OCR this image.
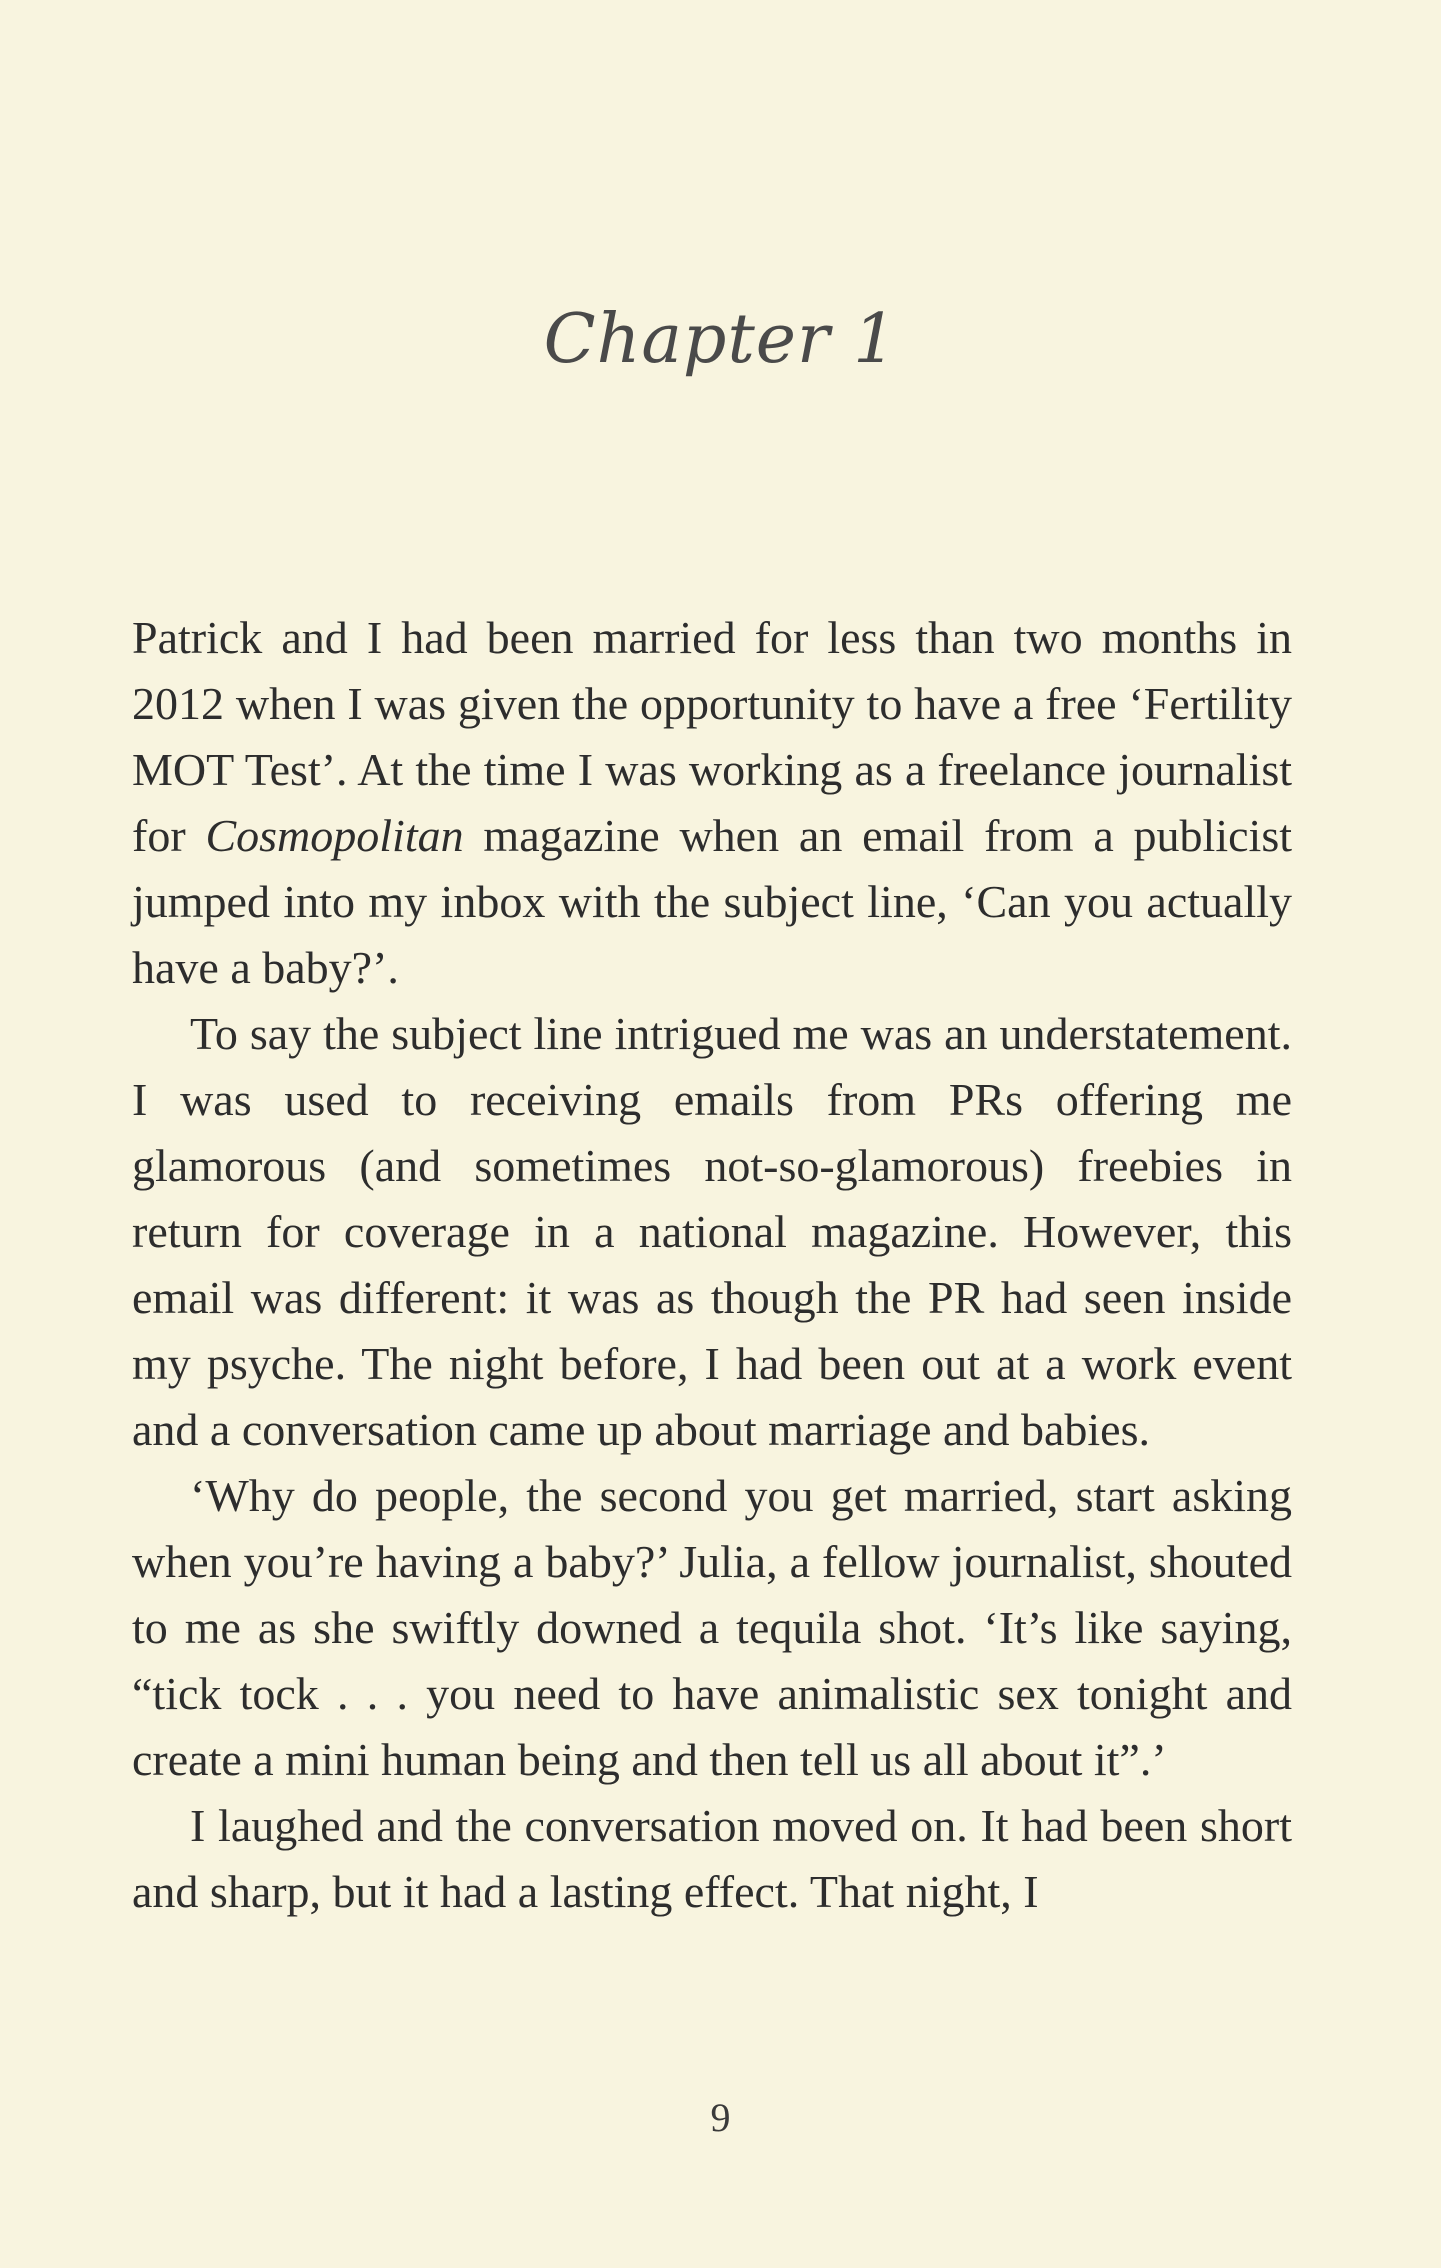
Chapter 1

Patrick and I had been married for less than two months in 2012 when I was given the opportunity to have a free ‘Fertility MOT Test’. At the time I was working as a freelance journalist for Cosmopolitan magazine when an email from a publicist jumped into my inbox with the subject line, ‘Can you actually have a baby?’.

To say the subject line intrigued me was an understatement. I was used to receiving emails from PRs offering me glamorous (and sometimes not-so-glamorous) freebies in return for coverage in a national magazine. However, this email was different: it was as though the PR had seen inside my psyche. The night before, I had been out at a work event and a conversation came up about marriage and babies.

‘Why do people, the second you get married, start asking when you’re having a baby?’ Julia, a fellow journalist, shouted to me as she swiftly downed a tequila shot. ‘It’s like saying, “tick tock . . . you need to have animalistic sex tonight and create a mini human being and then tell us all about it”.’

I laughed and the conversation moved on. It had been short and sharp, but it had a lasting effect. That night, I

9
